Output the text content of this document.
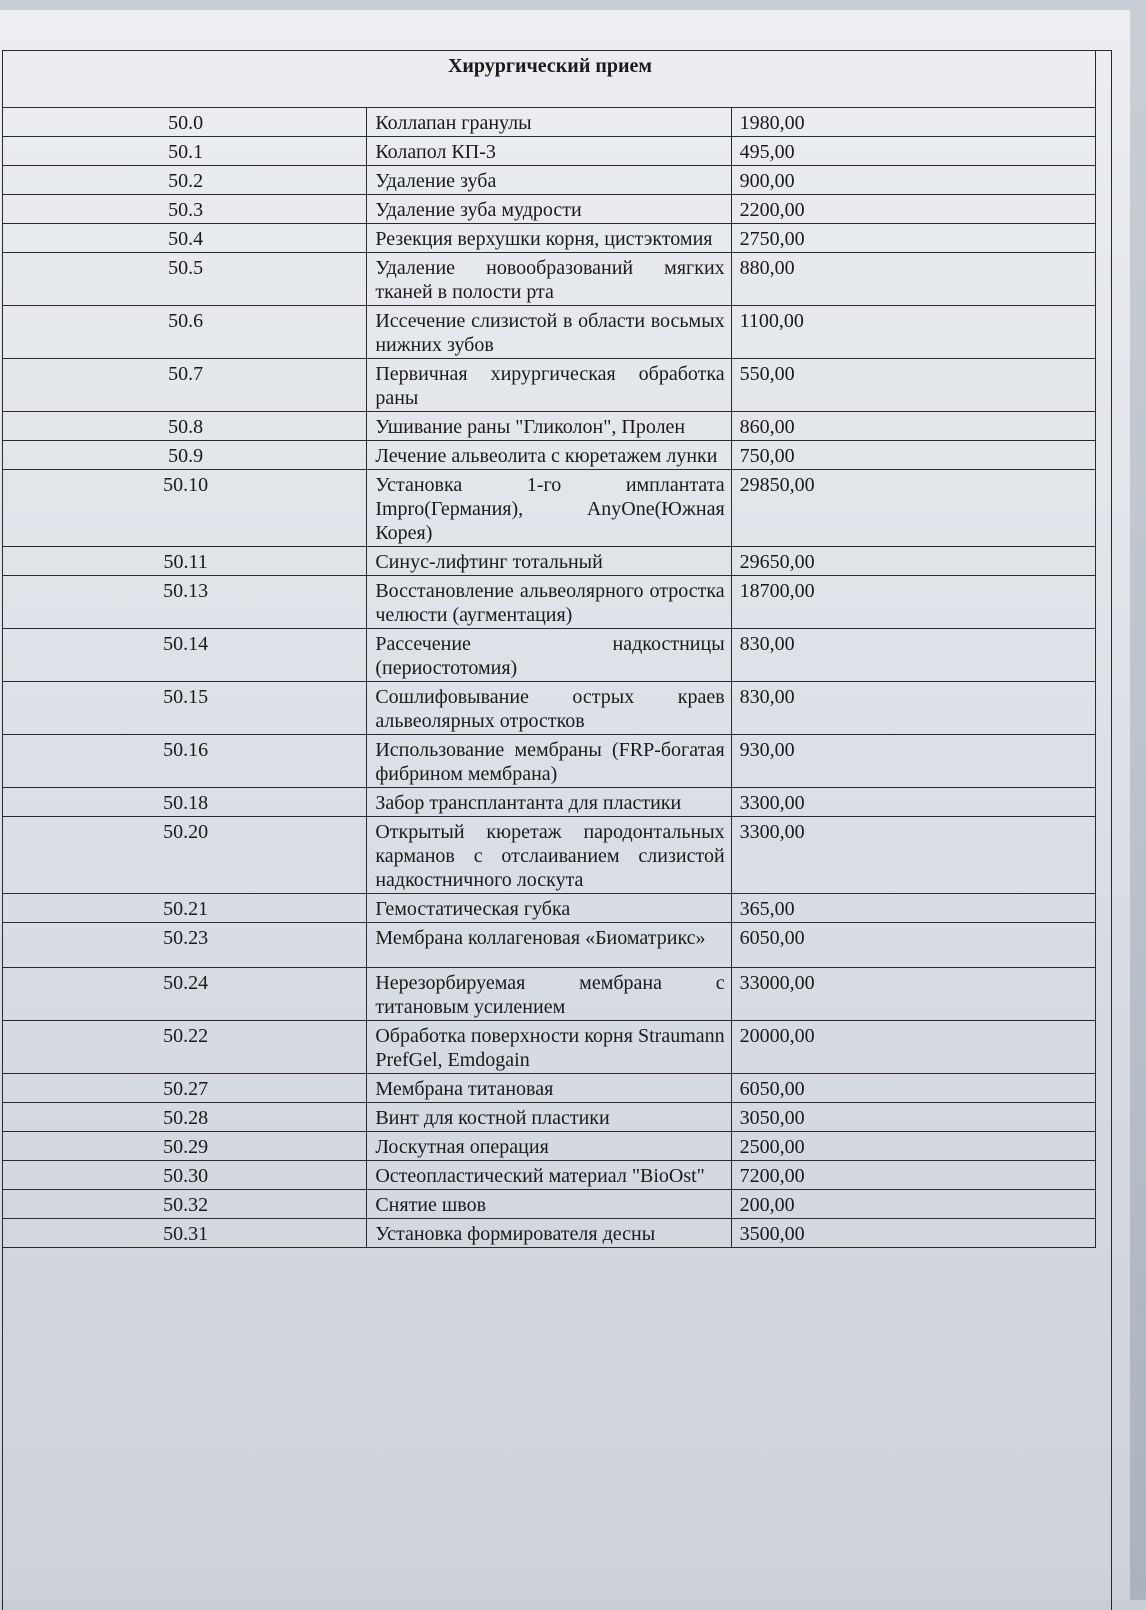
Хирургический прием		
50.0	Коллапан гранулы	1980,00
50.1	Колапол КП-3	495,00
50.2	Удаление зуба	900,00
50.3	Удаление зуба мудрости	2200,00
50.4	Резекция верхушки корня, цистэктомия	2750,00
50.5	Удаление новообразований мягких тканей в полости рта	880,00
50.6	Иссечение слизистой в области восьмых нижних зубов	1100,00
50.7	Первичная хирургическая обработка раны	550,00
50.8	Ушивание раны "Гликолон", Пролен	860,00
50.9	Лечение альвеолита с кюретажем лунки	750,00
50.10	Установка 1-го имплантата Impro(Германия), AnyOne(Южная Корея)	29850,00
50.11	Синус-лифтинг тотальный	29650,00
50.13	Восстановление альвеолярного отростка челюсти (аугментация)	18700,00
50.14	Рассечение надкостницы (периостотомия)	830,00
50.15	Сошлифовывание острых краев альвеолярных отростков	830,00
50.16	Использование мембраны (FRP-богатая фибрином мембрана)	930,00
50.18	Забор трансплантанта для пластики	3300,00
50.20	Открытый кюретаж пародонтальных карманов с отслаиванием слизистой надкостничного лоскута	3300,00
50.21	Гемостатическая губка	365,00
50.23	Мембрана коллагеновая «Биоматрикс»	6050,00
50.24	Нерезорбируемая мембрана с титановым усилением	33000,00
50.22	Обработка поверхности корня Straumann PrefGel, Emdogain	20000,00
50.27	Мембрана титановая	6050,00
50.28	Винт для костной пластики	3050,00
50.29	Лоскутная операция	2500,00
50.30	Остеопластический материал "BioOst"	7200,00
50.32	Снятие швов	200,00
50.31	Установка формирователя десны	3500,00
